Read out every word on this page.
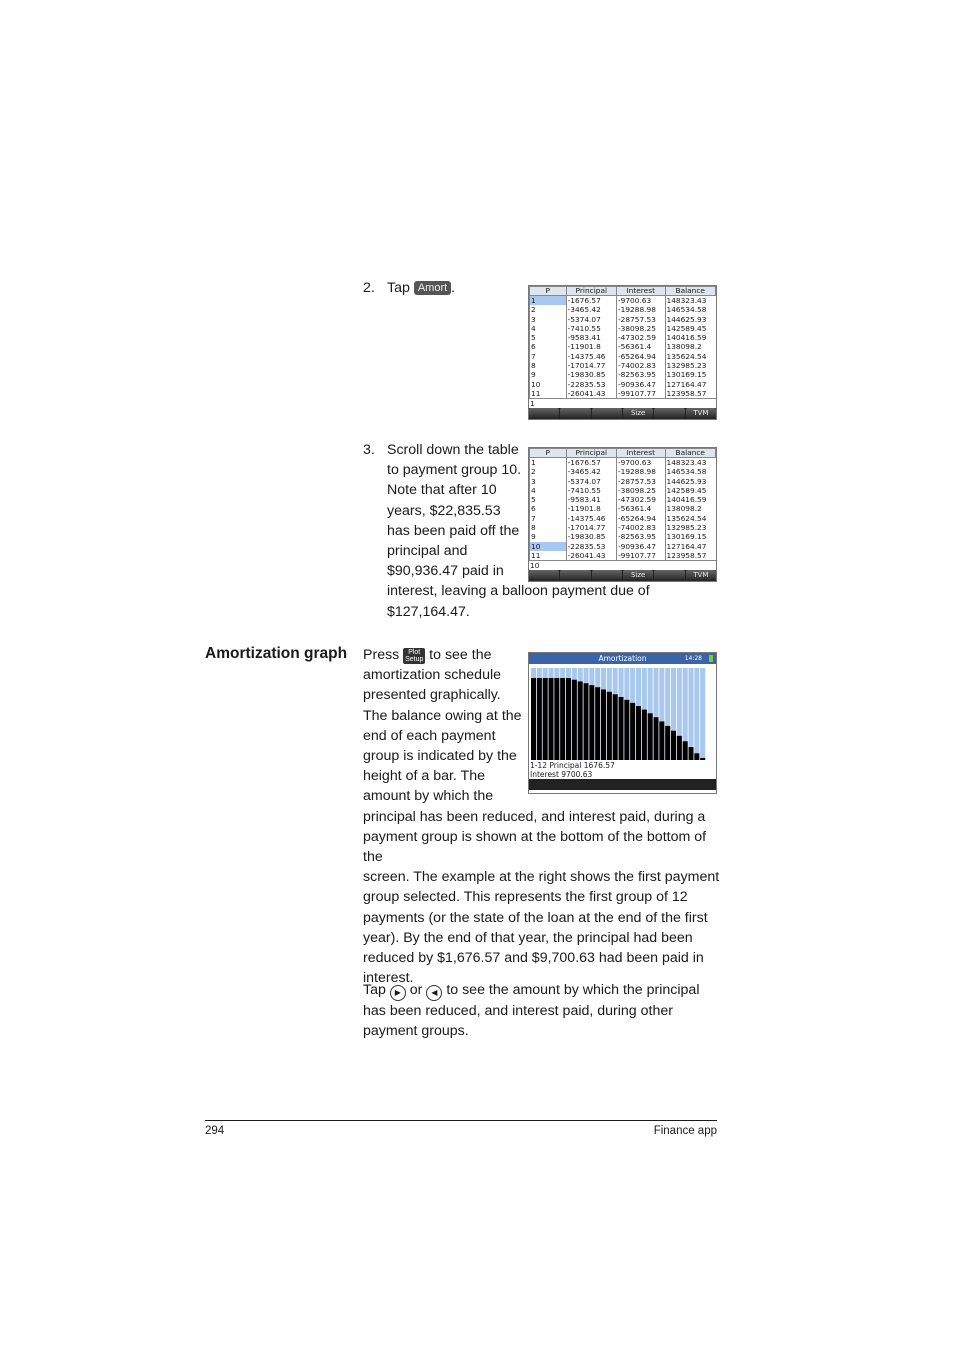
2. Tap Amort .	P	Principal	Interest	Balance
1	-1676.57	-9700.63	148323.43
2	-3465.42	-19288.98	146534.58
3	-5374.07	-28757.53	144625.93
4	-7410.55	-38098.25	142589.45
5	-9583.41	-47302.59	140416.59
6	-11901.8	-56361.4	138098.2
7	-14375.46	-65264.94	135624.54
8	-17014.77	-74002.83	132985.23
9	-19830.85	-82563.95	130169.15
10	-22835.53	-90936.47	127164.47
11	-26041.43	-99107.77	123958.57
1
Size	TVM
3. Scroll down the table
to payment group 10.
Note that after 10
years, $22,835.53
has been paid off the
principal and
$90,936.47 paid in
interest, leaving a balloon payment due of
$127,164.47.
P	Principal	Interest	Balance
1	-1676.57	-9700.63	148323.43
2	-3465.42	-19288.98	146534.58
3	-5374.07	-28757.53	144625.93
4	-7410.55	-38098.25	142589.45
5	-9583.41	-47302.59	140416.59
6	-11901.8	-56361.4	138098.2
7	-14375.46	-65264.94	135624.54
8	-17014.77	-74002.83	132985.23
9	-19830.85	-82563.95	130169.15
10	-22835.53	-90936.47	127164.47
11	-26041.43	-99107.77	123958.57
10
Size	TVM
Amortization graph Press Plot
Setup to see the
amortization schedule
presented graphically.
The balance owing at the
end of each payment
group is indicated by the
height of a bar. The
amount by which the
principal has been reduced, and interest paid, during a
payment group is shown at the bottom of the bottom of the
screen. The example at the right shows the first payment
group selected. This represents the first group of 12
payments (or the state of the loan at the end of the first
year). By the end of that year, the principal had been
reduced by $1,676.57 and $9,700.63 had been paid in
interest.
Amortization	14:28
1-12 Principal 1676.57
Interest 9700.63
Tap ▶ or ◀ to see the amount by which the principal
has been reduced, and interest paid, during other
payment groups.
294	Finance app
